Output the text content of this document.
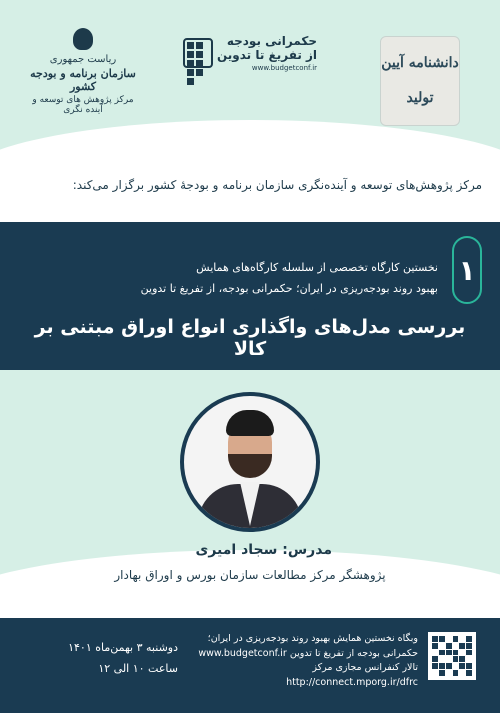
ریاست جمهوری
سازمان برنامه و بودجه کشور
مرکز پژوهش های توسعه و آینده نگری
حکمرانی بودجه
از تفریغ تا تدوین
www.budgetconf.ir	دانشنامه آیین
تولید
مرکز پژوهش‌های توسعه و آینده‌نگری سازمان برنامه و بودجهٔ کشور برگزار می‌کند:
۱
نخستین کارگاه تخصصی از سلسله کارگاه‌های همایش
بهبود روند بودجه‌ریزی در ایران؛ حکمرانی بودجه، از تفریغ تا تدوین
بررسی مدل‌های واگذاری انواع اوراق مبتنی بر کالا
مدرس: سجاد امیری
پژوهشگر مرکز مطالعات سازمان بورس و اوراق بهادار
وبگاه نخستین همایش بهبود روند بودجه‌ریزی در ایران؛
حکمرانی بودجه از تفریغ تا تدوین www.budgetconf.ir
تالار کنفرانس مجازی مرکز http://connect.mporg.ir/dfrc
دوشنبه ۳ بهمن‌ماه ۱۴۰۱
ساعت ۱۰ الی ۱۲
